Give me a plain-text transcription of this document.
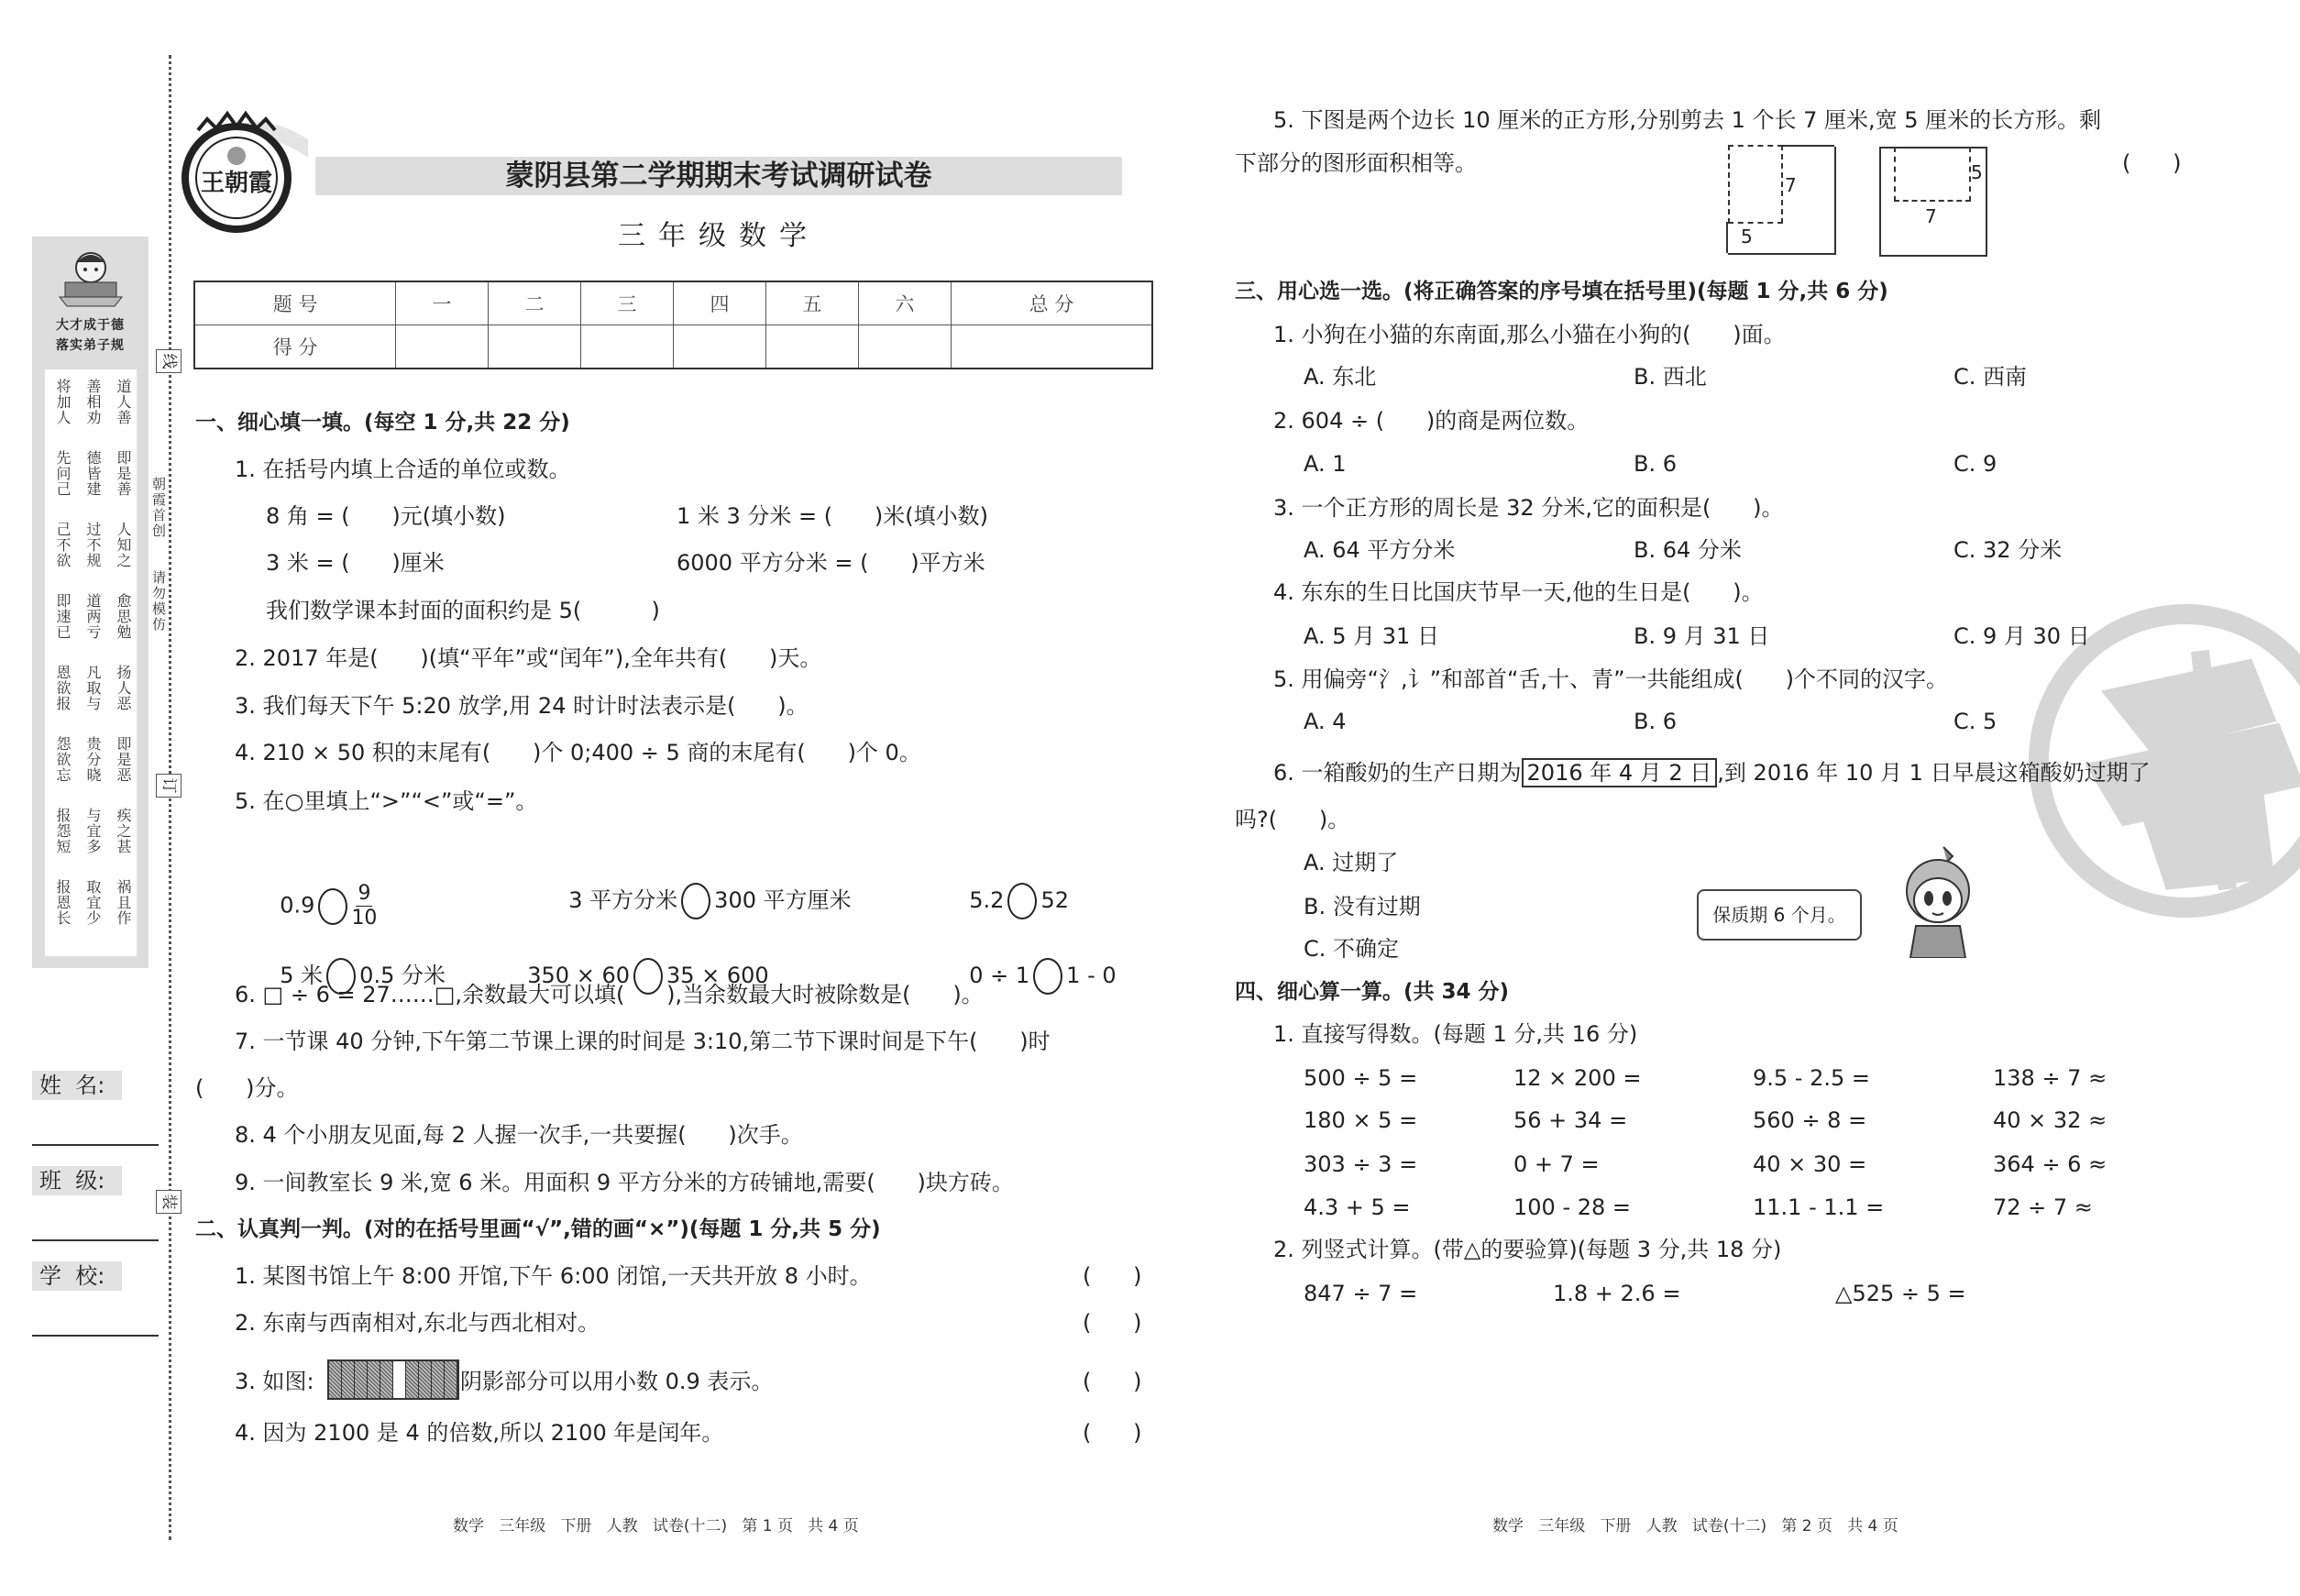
线
订
装
大才成于德
落实弟子规
将加人 善相劝 道人善
先问己 德皆建 即是善
己不欲 过不规 人知之
即速已 道两亏 愈思勉
恩欲报 凡取与 扬人恶
怨欲忘 贵分晓 即是恶
报怨短 与宜多 疾之甚
报恩长 取宜少 祸且作
朝霞首创
请勿模仿
姓  名:
班  级:
学  校:
王朝霞	蒙阴县第二学期期末考试调研试卷
三年级数学
题 号	一	二	三	四	五	六	总 分
得 分							
一、细心填一填。(每空 1 分,共 22 分)
1. 在括号内填上合适的单位或数。
8 角 = (      )元(填小数)	1 米 3 分米 = (      )米(填小数)
3 米 = (      )厘米	6000 平方分米 = (      )平方米
我们数学课本封面的面积约是 5(          )
2. 2017 年是(      )(填“平年”或“闰年”),全年共有(      )天。
3. 我们每天下午 5:20 放学,用 24 时计时法表示是(      )。
4. 210 × 50 积的末尾有(      )个 0;400 ÷ 5 商的末尾有(      )个 0。
5. 在○里填上“>”“<”或“=”。

$0.9 \frac{9}{10}$	3 平方分米 300 平方厘米	5.2 52

5 米 0.5 分米	350 × 60 35 × 600	0 ÷ 1 1 - 0

6. □ ÷ 6 = 27……□,余数最大可以填(      ),当余数最大时被除数是(      )。
7. 一节课 40 分钟,下午第二节课上课的时间是 3:10,第二节下课时间是下午(      )时
(      )分。
8. 4 个小朋友见面,每 2 人握一次手,一共要握(      )次手。
9. 一间教室长 9 米,宽 6 米。用面积 9 平方分米的方砖铺地,需要(      )块方砖。
二、认真判一判。(对的在括号里画“√”,错的画“×”)(每题 1 分,共 5 分)
1. 某图书馆上午 8:00 开馆,下午 6:00 闭馆,一天共开放 8 小时。	(      )
2. 东南与西南相对,东北与西北相对。	(      )
3. 如图:	阴影部分可以用小数 0.9 表示。	(      )
4. 因为 2100 是 4 的倍数,所以 2100 年是闰年。	(      )
数学   三年级   下册   人教   试卷(十二)   第 1 页   共 4 页
5. 下图是两个边长 10 厘米的正方形,分别剪去 1 个长 7 厘米,宽 5 厘米的长方形。剩
下部分的图形面积相等。	(      )
7
5
5
7
三、用心选一选。(将正确答案的序号填在括号里)(每题 1 分,共 6 分)
1. 小狗在小猫的东南面,那么小猫在小狗的(      )面。
A. 东北	B. 西北	C. 西南
2. 604 ÷ (      )的商是两位数。
A. 1	B. 6	C. 9
3. 一个正方形的周长是 32 分米,它的面积是(      )。
A. 64 平方分米	B. 64 分米	C. 32 分米
4. 东东的生日比国庆节早一天,他的生日是(      )。
A. 5 月 31 日	B. 9 月 31 日	C. 9 月 30 日
5. 用偏旁“氵,讠”和部首“舌,十、青”一共能组成(      )个不同的汉字。
A. 4	B. 6	C. 5
6. 一箱酸奶的生产日期为 2016 年 4 月 2 日 ,到 2016 年 10 月 1 日早晨这箱酸奶过期了
吗?(      )。
A. 过期了
B. 没有过期
C. 不确定
保质期 6 个月。
四、细心算一算。(共 34 分)
1. 直接写得数。(每题 1 分,共 16 分)
500 ÷ 5 =	12 × 200 =	9.5 - 2.5 =	138 ÷ 7 ≈
180 × 5 =	56 + 34 =	560 ÷ 8 =	40 × 32 ≈
303 ÷ 3 =	0 + 7 =	40 × 30 =	364 ÷ 6 ≈
4.3 + 5 =	100 - 28 =	11.1 - 1.1 =	72 ÷ 7 ≈
2. 列竖式计算。(带△的要验算)(每题 3 分,共 18 分)
847 ÷ 7 =	1.8 + 2.6 =	△525 ÷ 5 =
数学   三年级   下册   人教   试卷(十二)   第 2 页   共 4 页
